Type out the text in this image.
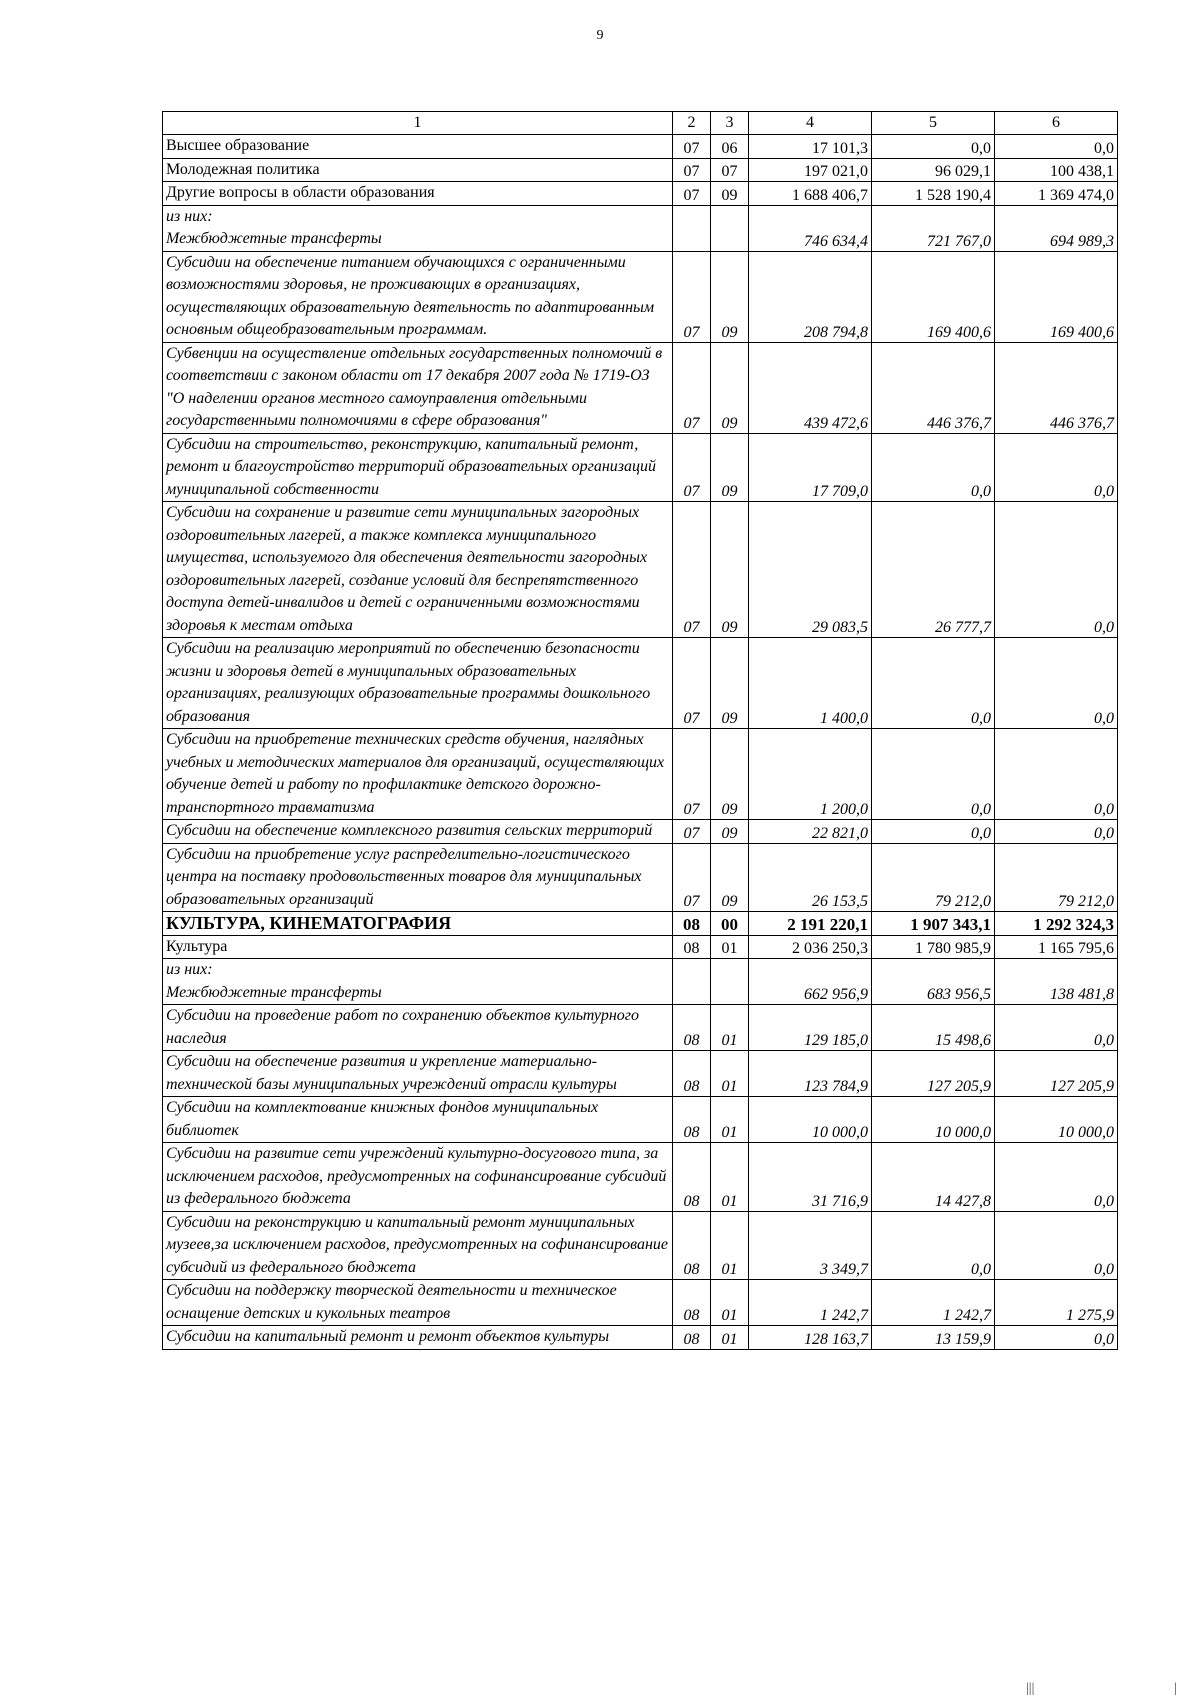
9
1	2	3	4	5	6
Высшее образование	07	06	17 101,3	0,0	0,0
Молодежная политика	07	07	197 021,0	96 029,1	100 438,1
Другие вопросы в области образования	07	09	1 688 406,7	1 528 190,4	1 369 474,0
из них:
Межбюджетные трансферты			746 634,4	721 767,0	694 989,3
Субсидии на обеспечение питанием обучающихся с ограниченными возможностями здоровья, не проживающих в организациях, осуществляющих образовательную деятельность по адаптированным основным общеобразовательным программам.	07	09	208 794,8	169 400,6	169 400,6
Субвенции на осуществление отдельных государственных полномочий в соответствии с законом области от 17 декабря 2007 года № 1719-ОЗ "О наделении органов местного самоуправления отдельными государственными полномочиями в сфере образования"	07	09	439 472,6	446 376,7	446 376,7
Субсидии на строительство, реконструкцию, капитальный ремонт, ремонт и благоустройство территорий образовательных организаций муниципальной собственности	07	09	17 709,0	0,0	0,0
Субсидии на сохранение и развитие сети муниципальных загородных оздоровительных лагерей, а также комплекса муниципального имущества, используемого для обеспечения деятельности загородных оздоровительных лагерей, создание условий для беспрепятственного доступа детей-инвалидов и детей с ограниченными возможностями здоровья к местам отдыха	07	09	29 083,5	26 777,7	0,0
Субсидии на реализацию мероприятий по обеспечению безопасности жизни и здоровья детей в муниципальных образовательных организациях, реализующих образовательные программы дошкольного образования	07	09	1 400,0	0,0	0,0
Субсидии на приобретение технических средств обучения, наглядных учебных и методических материалов для организаций, осуществляющих обучение детей и работу по профилактике детского дорожно-транспортного травматизма	07	09	1 200,0	0,0	0,0
Субсидии на обеспечение комплексного развития сельских территорий	07	09	22 821,0	0,0	0,0
Субсидии на приобретение услуг распределительно-логистического центра на поставку продовольственных товаров для муниципальных образовательных организаций	07	09	26 153,5	79 212,0	79 212,0
КУЛЬТУРА, КИНЕМАТОГРАФИЯ	08	00	2 191 220,1	1 907 343,1	1 292 324,3
Культура	08	01	2 036 250,3	1 780 985,9	1 165 795,6
из них:
Межбюджетные трансферты			662 956,9	683 956,5	138 481,8
Субсидии на проведение работ по сохранению объектов культурного наследия	08	01	129 185,0	15 498,6	0,0
Субсидии на обеспечение развития и укрепление материально-технической базы муниципальных учреждений отрасли культуры	08	01	123 784,9	127 205,9	127 205,9
Субсидии на комплектование книжных фондов муниципальных библиотек	08	01	10 000,0	10 000,0	10 000,0
Субсидии на развитие сети учреждений культурно-досугового типа, за исключением расходов, предусмотренных на софинансирование субсидий из федерального бюджета	08	01	31 716,9	14 427,8	0,0
Субсидии на реконструкцию и капитальный ремонт муниципальных музеев,за исключением расходов, предусмотренных на софинансирование субсидий из федерального бюджета	08	01	3 349,7	0,0	0,0
Субсидии на поддержку творческой деятельности и техническое оснащение детских и кукольных театров	08	01	1 242,7	1 242,7	1 275,9
Субсидии на капитальный ремонт и ремонт объектов культуры	08	01	128 163,7	13 159,9	0,0
|||	|
